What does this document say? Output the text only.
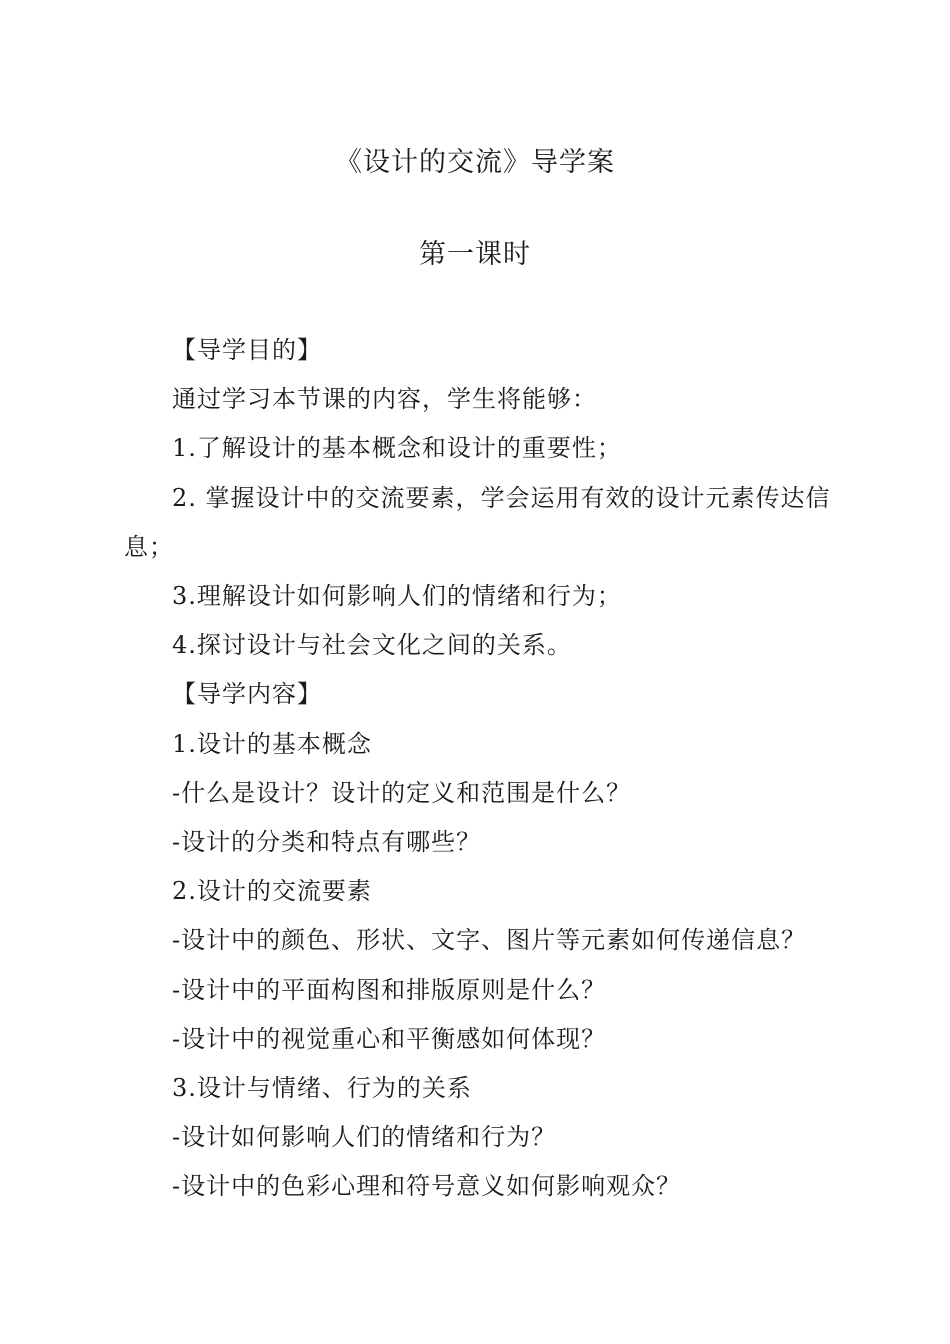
《设计的交流》导学案
第一课时

【导学目的】

通过学习本节课的内容，学生将能够：

1.了解设计的基本概念和设计的重要性；

2. 掌握设计中的交流要素，学会运用有效的设计元素传达信息；

3.理解设计如何影响人们的情绪和行为；

4.探讨设计与社会文化之间的关系。

【导学内容】

1.设计的基本概念

-什么是设计？设计的定义和范围是什么？

-设计的分类和特点有哪些？

2.设计的交流要素

-设计中的颜色、形状、文字、图片等元素如何传递信息？

-设计中的平面构图和排版原则是什么？

-设计中的视觉重心和平衡感如何体现？

3.设计与情绪、行为的关系

-设计如何影响人们的情绪和行为？

-设计中的色彩心理和符号意义如何影响观众？
